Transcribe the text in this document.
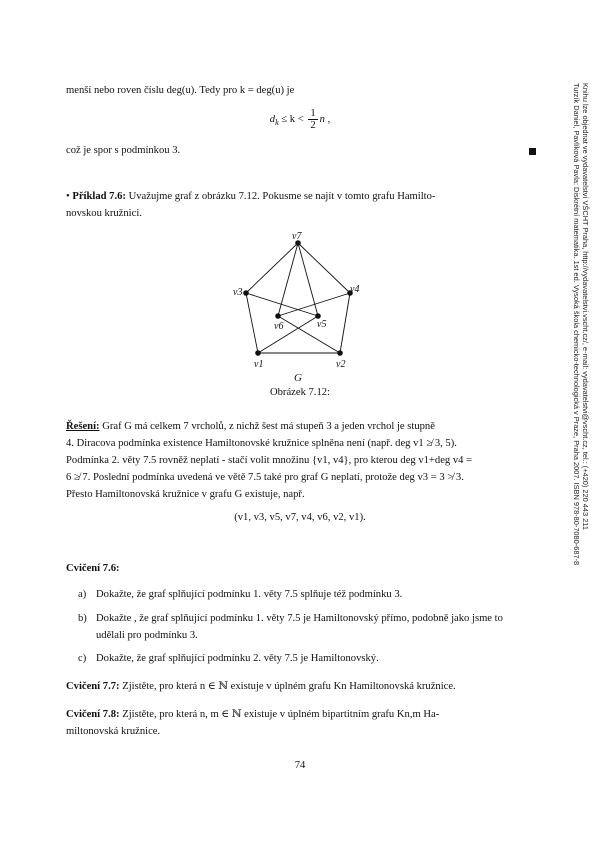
menší nebo roven číslu deg(u). Tedy pro k = deg(u) je
$d_k \le k < \frac{1}{2}$ n ,
což je spor s podmínkou 3.
• Příklad 7.6: Uvažujme graf z obrázku 7.12. Pokusme se najít v tomto grafu Hamilto-
novskou kružnici.
v7
v3	v4
v6	v5
v1	v2
G
Obrázek 7.12:
Řešení: Graf G má celkem 7 vrcholů, z nichž šest má stupeň 3 a jeden vrchol je stupně
4. Diracova podmínka existence Hamiltonovské kružnice splněna není (např. deg v1 ≱ 3, 5).
Podmínka 2. věty 7.5 rovněž neplatí - stačí volit množinu {v1, v4}, pro kterou deg v1+deg v4 =
6 ≱ 7. Poslední podmínka uvedená ve větě 7.5 také pro graf G neplatí, protože deg v3 = 3 ≯ 3.
Přesto Hamiltonovská kružnice v grafu G existuje, např.
(v1, v3, v5, v7, v4, v6, v2, v1).
Cvičení 7.6:
a) Dokažte, že graf splňující podmínku 1. věty 7.5 splňuje též podmínku 3.
b) Dokažte , že graf splňující podmínku 1. věty 7.5 je Hamiltonovský přímo, podobně jako jsme to udělali pro podmínku 3.
c) Dokažte, že graf splňující podmínku 2. věty 7.5 je Hamiltonovský.
Cvičení 7.7: Zjistěte, pro která n ∈ ℕ existuje v úplném grafu Kn Hamiltonovská kružnice.
Cvičení 7.8: Zjistěte, pro která n, m ∈ ℕ existuje v úplném bipartitním grafu Kn,m Ha-
miltonovská kružnice.
74
Turzík Daniel, Pavlíková Pavla: Diskrétní matematika. 1st ed. Vysoká škola chemicko-technologická v Praze, Praha 2007. ISBN 978-80-7080-687-8 Knihu lze objednat ve vydavatelství VŠCHT Praha, http://vydavatelstvi.vscht.cz/, e-mail: vydavatelstvi@vscht.cz, tel.: (+420) 220 443 211
